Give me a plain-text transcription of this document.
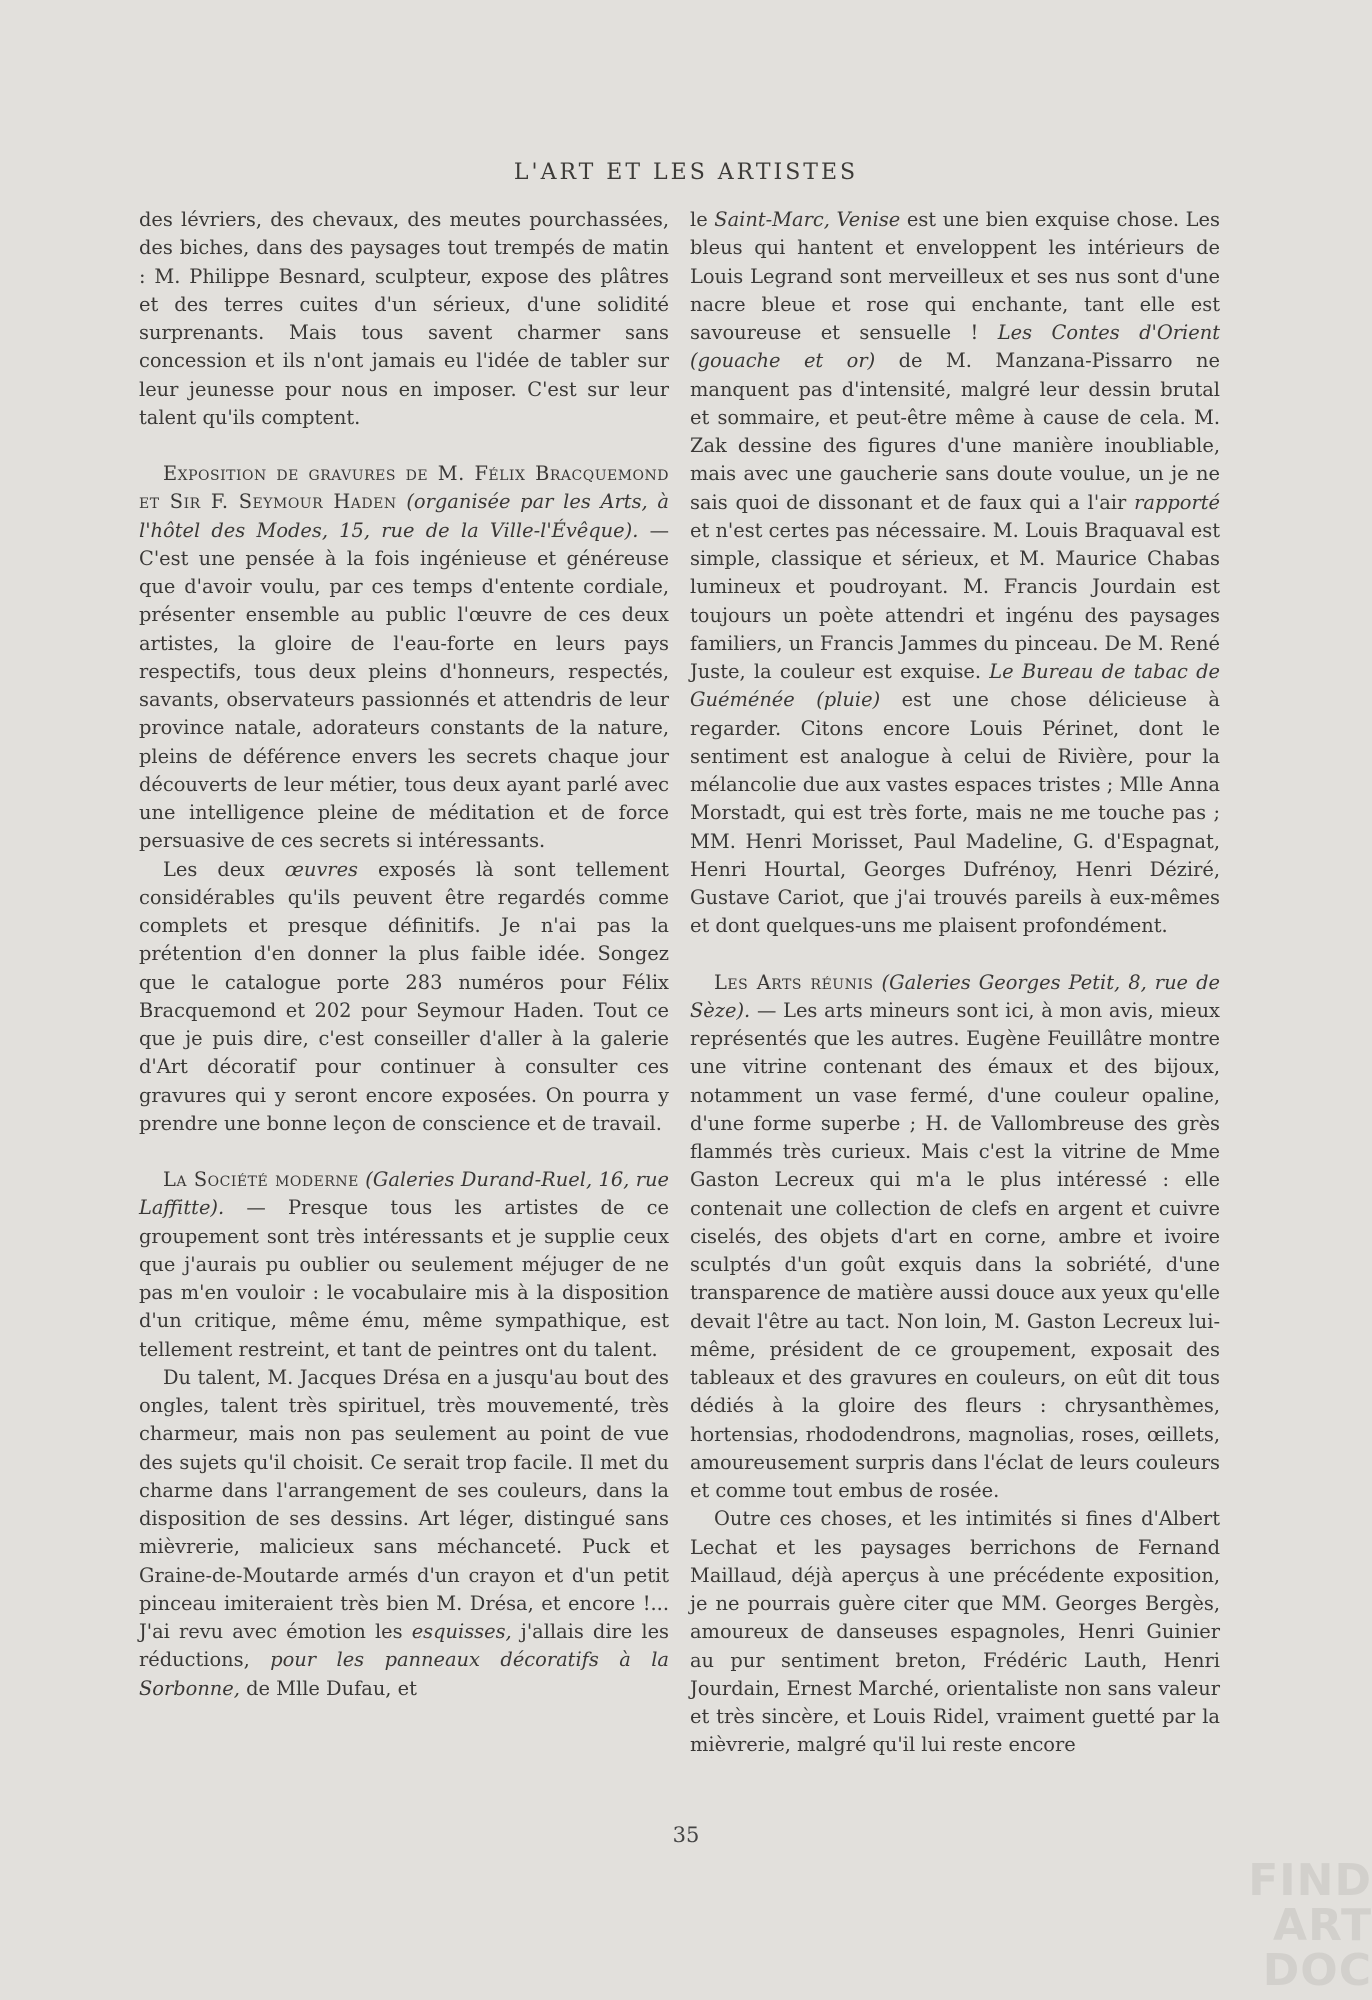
L'ART ET LES ARTISTES

des lévriers, des chevaux, des meutes pourchassées, des biches, dans des paysages tout trempés de matin : M. Philippe Besnard, sculpteur, expose des plâtres et des terres cuites d'un sérieux, d'une solidité surprenants. Mais tous savent charmer sans concession et ils n'ont jamais eu l'idée de tabler sur leur jeunesse pour nous en imposer. C'est sur leur talent qu'ils comptent.

Exposition de gravures de M. Félix Bracquemond et Sir F. Seymour Haden (organisée par les Arts, à l'hôtel des Modes, 15, rue de la Ville-l'Évêque). — C'est une pensée à la fois ingénieuse et généreuse que d'avoir voulu, par ces temps d'entente cordiale, présenter ensemble au public l'œuvre de ces deux artistes, la gloire de l'eau-forte en leurs pays respectifs, tous deux pleins d'honneurs, respectés, savants, observateurs passionnés et attendris de leur province natale, adorateurs constants de la nature, pleins de déférence envers les secrets chaque jour découverts de leur métier, tous deux ayant parlé avec une intelligence pleine de méditation et de force persuasive de ces secrets si intéressants.

Les deux œuvres exposés là sont tellement considérables qu'ils peuvent être regardés comme complets et presque définitifs. Je n'ai pas la prétention d'en donner la plus faible idée. Songez que le catalogue porte 283 numéros pour Félix Bracquemond et 202 pour Seymour Haden. Tout ce que je puis dire, c'est conseiller d'aller à la galerie d'Art décoratif pour continuer à consulter ces gravures qui y seront encore exposées. On pourra y prendre une bonne leçon de conscience et de travail.

La Société moderne (Galeries Durand-Ruel, 16, rue Laffitte). — Presque tous les artistes de ce groupement sont très intéressants et je supplie ceux que j'aurais pu oublier ou seulement méjuger de ne pas m'en vouloir : le vocabulaire mis à la disposition d'un critique, même ému, même sympathique, est tellement restreint, et tant de peintres ont du talent.

Du talent, M. Jacques Drésa en a jusqu'au bout des ongles, talent très spirituel, très mouvementé, très charmeur, mais non pas seulement au point de vue des sujets qu'il choisit. Ce serait trop facile. Il met du charme dans l'arrangement de ses couleurs, dans la disposition de ses dessins. Art léger, distingué sans mièvrerie, malicieux sans méchanceté. Puck et Graine-de-Moutarde armés d'un crayon et d'un petit pinceau imiteraient très bien M. Drésa, et encore !... J'ai revu avec émotion les esquisses, j'allais dire les réductions, pour les panneaux décoratifs à la Sorbonne, de Mlle Dufau, et

le Saint-Marc, Venise est une bien exquise chose. Les bleus qui hantent et enveloppent les intérieurs de Louis Legrand sont merveilleux et ses nus sont d'une nacre bleue et rose qui enchante, tant elle est savoureuse et sensuelle ! Les Contes d'Orient (gouache et or) de M. Manzana-Pissarro ne manquent pas d'intensité, malgré leur dessin brutal et sommaire, et peut-être même à cause de cela. M. Zak dessine des figures d'une manière inoubliable, mais avec une gaucherie sans doute voulue, un je ne sais quoi de dissonant et de faux qui a l'air rapporté et n'est certes pas nécessaire. M. Louis Braquaval est simple, classique et sérieux, et M. Maurice Chabas lumineux et poudroyant. M. Francis Jourdain est toujours un poète attendri et ingénu des paysages familiers, un Francis Jammes du pinceau. De M. René Juste, la couleur est exquise. Le Bureau de tabac de Guéménée (pluie) est une chose délicieuse à regarder. Citons encore Louis Périnet, dont le sentiment est analogue à celui de Rivière, pour la mélancolie due aux vastes espaces tristes ; Mlle Anna Morstadt, qui est très forte, mais ne me touche pas ; MM. Henri Morisset, Paul Madeline, G. d'Espagnat, Henri Hourtal, Georges Dufrénoy, Henri Déziré, Gustave Cariot, que j'ai trouvés pareils à eux-mêmes et dont quelques-uns me plaisent profondément.

Les Arts réunis (Galeries Georges Petit, 8, rue de Sèze). — Les arts mineurs sont ici, à mon avis, mieux représentés que les autres. Eugène Feuillâtre montre une vitrine contenant des émaux et des bijoux, notamment un vase fermé, d'une couleur opaline, d'une forme superbe ; H. de Vallombreuse des grès flammés très curieux. Mais c'est la vitrine de Mme Gaston Lecreux qui m'a le plus intéressé : elle contenait une collection de clefs en argent et cuivre ciselés, des objets d'art en corne, ambre et ivoire sculptés d'un goût exquis dans la sobriété, d'une transparence de matière aussi douce aux yeux qu'elle devait l'être au tact. Non loin, M. Gaston Lecreux lui-même, président de ce groupement, exposait des tableaux et des gravures en couleurs, on eût dit tous dédiés à la gloire des fleurs : chrysanthèmes, hortensias, rhododendrons, magnolias, roses, œillets, amoureusement surpris dans l'éclat de leurs couleurs et comme tout embus de rosée.

Outre ces choses, et les intimités si fines d'Albert Lechat et les paysages berrichons de Fernand Maillaud, déjà aperçus à une précédente exposition, je ne pourrais guère citer que MM. Georges Bergès, amoureux de danseuses espagnoles, Henri Guinier au pur sentiment breton, Frédéric Lauth, Henri Jourdain, Ernest Marché, orientaliste non sans valeur et très sincère, et Louis Ridel, vraiment guetté par la mièvrerie, malgré qu'il lui reste encore

35
FIND
ART
DOC
